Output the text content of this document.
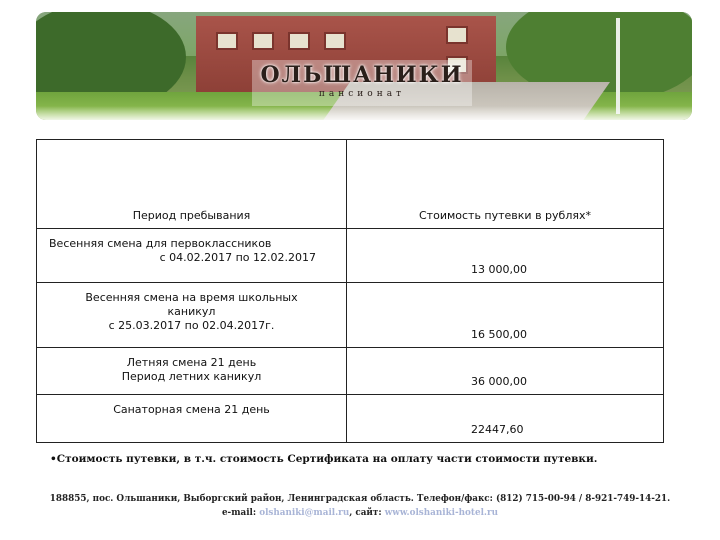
ОЛЬШАНИКИ
пансионат
Период пребывания	Стоимость путевки в рублях*

Весенняя смена для первоклассников
с 04.02.2017 по 12.02.2017	13 000,00

Весенняя смена на время школьных
каникул
с 25.03.2017 по 02.04.2017г.	16 500,00

Летняя смена 21 день
Период летних каникул	36 000,00

Санаторная смена 21 день	22447,60
•Стоимость путевки, в т.ч. стоимость Сертификата на оплату части стоимости путевки.
188855, пос. Ольшаники, Выборгский район, Ленинградская область. Телефон/факс: (812) 715-00-94 / 8-921-749-14-21.
e-mail: olshaniki@mail.ru, сайт: www.olshaniki-hotel.ru
